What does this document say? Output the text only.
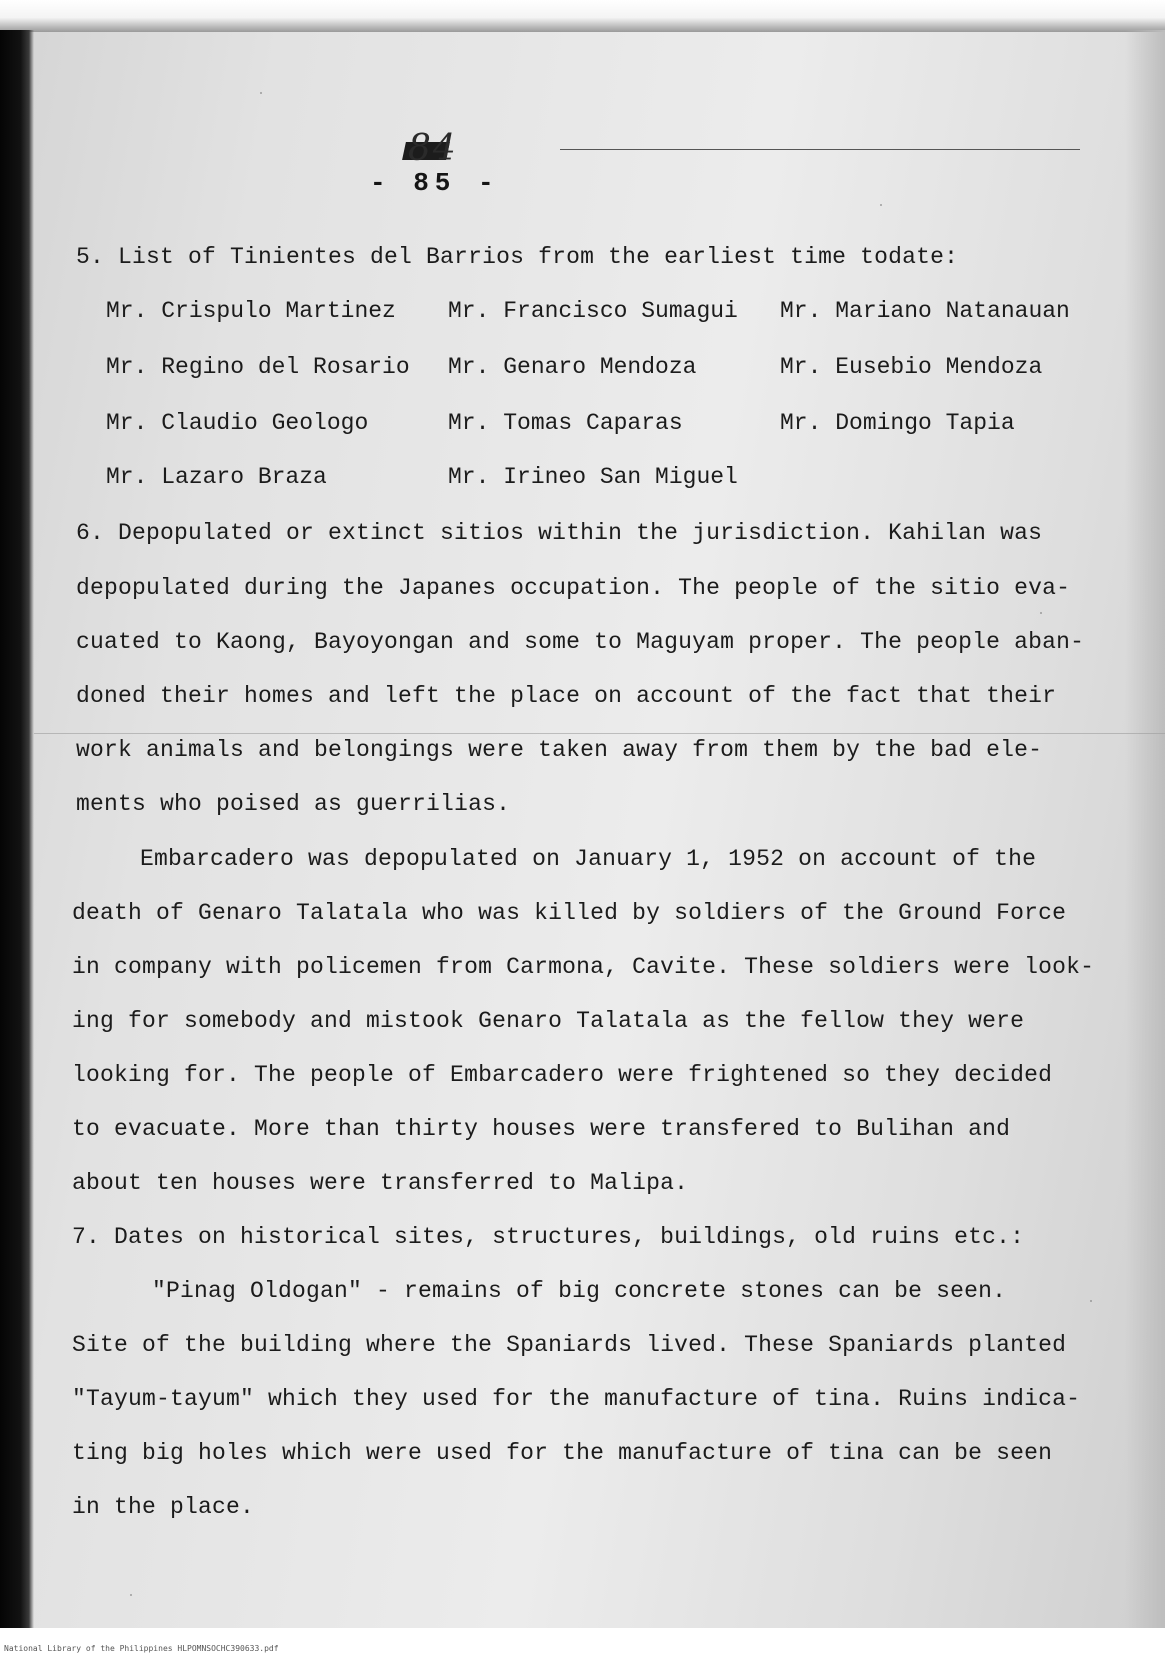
84
- 85 -
5. List of Tinientes del Barrios from the earliest time todate:
Mr. Crispulo Martinez Mr. Francisco Sumagui Mr. Mariano Natanauan
Mr. Regino del Rosario Mr. Genaro Mendoza	Mr. Eusebio Mendoza
Mr. Claudio Geologo	Mr. Tomas Caparas	Mr. Domingo Tapia
Mr. Lazaro Braza	Mr. Irineo San Miguel
6. Depopulated or extinct sitios within the jurisdiction. Kahilan was
depopulated during the Japanes occupation. The people of the sitio eva-
cuated to Kaong, Bayoyongan and some to Maguyam proper. The people aban-
doned their homes and left the place on account of the fact that their
work animals and belongings were taken away from them by the bad ele-
ments who poised as guerrilias.
Embarcadero was depopulated on January 1, 1952 on account of the
death of Genaro Talatala who was killed by soldiers of the Ground Force
in company with policemen from Carmona, Cavite. These soldiers were look-
ing for somebody and mistook Genaro Talatala as the fellow they were
looking for. The people of Embarcadero were frightened so they decided
to evacuate. More than thirty houses were transfered to Bulihan and
about ten houses were transferred to Malipa.
7. Dates on historical sites, structures, buildings, old ruins etc.:
"Pinag Oldogan" - remains of big concrete stones can be seen.
Site of the building where the Spaniards lived. These Spaniards planted
"Tayum-tayum" which they used for the manufacture of tina. Ruins indica-
ting big holes which were used for the manufacture of tina can be seen
in the place.
National Library of the Philippines HLPOMNSOCHC390633.pdf
